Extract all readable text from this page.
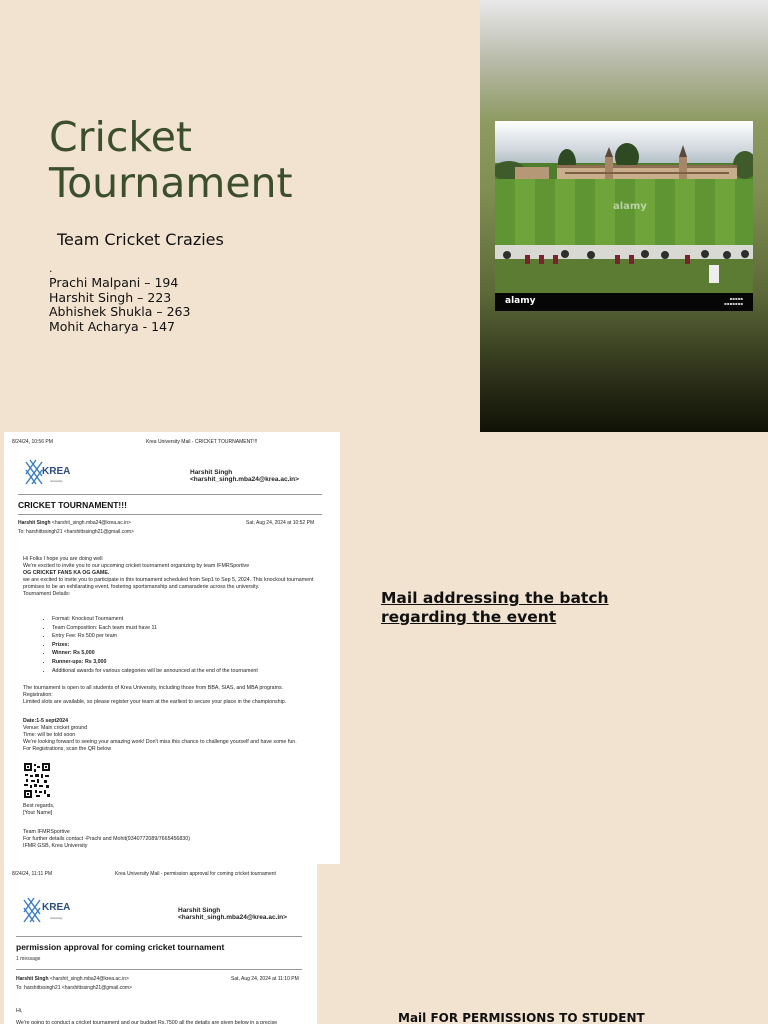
Cricket
Tournament
Team Cricket Crazies
.
Prachi Malpani – 194
Harshit Singh – 223
Abhishek Shukla – 263
Mohit Acharya - 147
alamy
alamy	▪▪▪▪▪
▪▪▪▪▪▪▪
8/24/24, 10:56 PM	Krea University Mail - CRICKET TOURNAMENT!!!
KREA
university
Harshit Singh <harshit_singh.mba24@krea.ac.in>
CRICKET TOURNAMENT!!!
Harshit Singh <harshit_singh.mba24@krea.ac.in>	Sat, Aug 24, 2024 at 10:52 PM
To: harshittssingh21 <harshittssingh21@gmail.com>
Hi Folks I hope you are doing well
We're excited to invite you to our upcoming cricket tournament organizing by team IFMRSportive
OG CRICKET FANS KA OG GAME.
we are excited to invite you to participate in this tournament scheduled from Sep1 to Sep 5, 2024. This knockout tournament promises to be an exhilarating event, fostering sportsmanship and camaraderie across the university.
Tournament Details:
• Format: Knockout Tournament
• Team Composition: Each team must have 11
• Entry Fee: Rs 500 per team
• Prizes:
• Winner: Rs 5,000
• Runner-ups: Rs 3,000
• Additional awards for various categories will be announced at the end of the tournament
The tournament is open to all students of Krea University, including those from BBA, SIAS, and MBA programs.
Registration:
Limited slots are available, so please register your team at the earliest to secure your place in the championship.
Date:1-5 sept2024
Venue: Main cricket ground
Time: will be told soon
We're looking forward to seeing your amazing work! Don't miss this chance to challenge yourself and have some fun.
For Registrations, scan the QR below
Best regards,
[Your Name]
Team IFMRSportive
For further details contact -Prachi and Mohit(9340772089/7665456830)
IFMR GSB, Krea University
Mail addressing the batch regarding the event
8/24/24, 11:11 PM	Krea University Mail - permission approval for coming cricket tournament
KREA
university
Harshit Singh <harshit_singh.mba24@krea.ac.in>
permission approval for coming cricket tournament
1 message
Harshit Singh <harshit_singh.mba24@krea.ac.in>	Sat, Aug 24, 2024 at 11:10 PM
To: harshittssingh21 <harshittssingh21@gmail.com>
Hi,
We're going to conduct a cricket tournament and our budget Rs.7500 all the details are given below in a precise	Mail FOR PERMISSIONS TO STUDENT
